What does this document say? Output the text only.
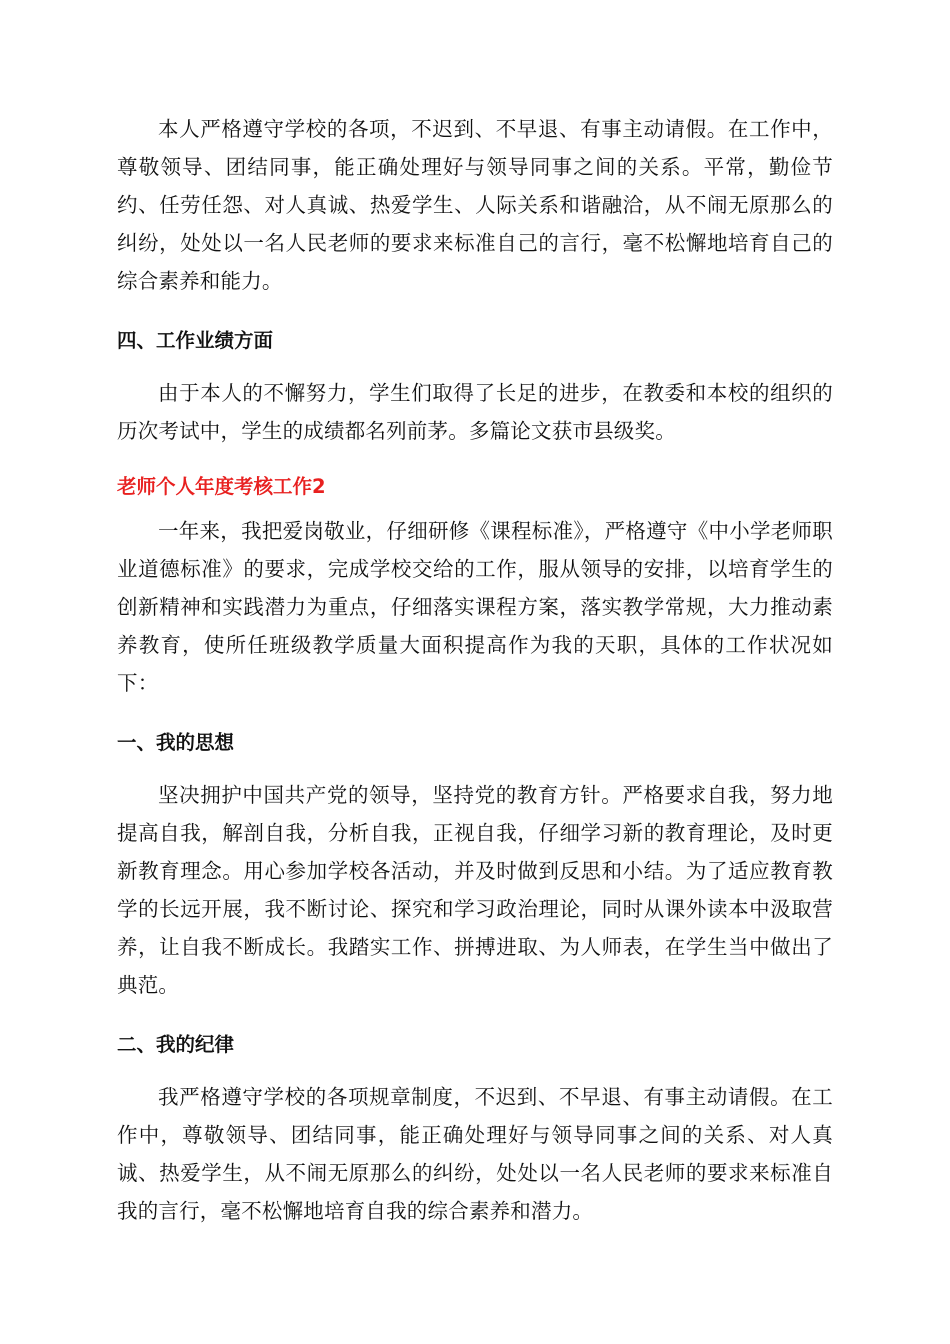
本人严格遵守学校的各项，不迟到、不早退、有事主动请假。在工作中，尊敬领导、团结同事，能正确处理好与领导同事之间的关系。平常，勤俭节约、任劳任怨、对人真诚、热爱学生、人际关系和谐融洽，从不闹无原那么的纠纷，处处以一名人民老师的要求来标准自己的言行，毫不松懈地培育自己的综合素养和能力。

四、工作业绩方面

由于本人的不懈努力，学生们取得了长足的进步，在教委和本校的组织的历次考试中，学生的成绩都名列前茅。多篇论文获市县级奖。

老师个人年度考核工作2

一年来，我把爱岗敬业，仔细研修《课程标准》，严格遵守《中小学老师职业道德标准》的要求，完成学校交给的工作，服从领导的安排，以培育学生的创新精神和实践潜力为重点，仔细落实课程方案，落实教学常规，大力推动素养教育，使所任班级教学质量大面积提高作为我的天职，具体的工作状况如下：

一、我的思想

坚决拥护中国共产党的领导，坚持党的教育方针。严格要求自我，努力地提高自我，解剖自我，分析自我，正视自我，仔细学习新的教育理论，及时更新教育理念。用心参加学校各活动，并及时做到反思和小结。为了适应教育教学的长远开展，我不断讨论、探究和学习政治理论，同时从课外读本中汲取营养，让自我不断成长。我踏实工作、拼搏进取、为人师表，在学生当中做出了典范。

二、我的纪律

我严格遵守学校的各项规章制度，不迟到、不早退、有事主动请假。在工作中，尊敬领导、团结同事，能正确处理好与领导同事之间的关系、对人真诚、热爱学生，从不闹无原那么的纠纷，处处以一名人民老师的要求来标准自我的言行，毫不松懈地培育自我的综合素养和潜力。
